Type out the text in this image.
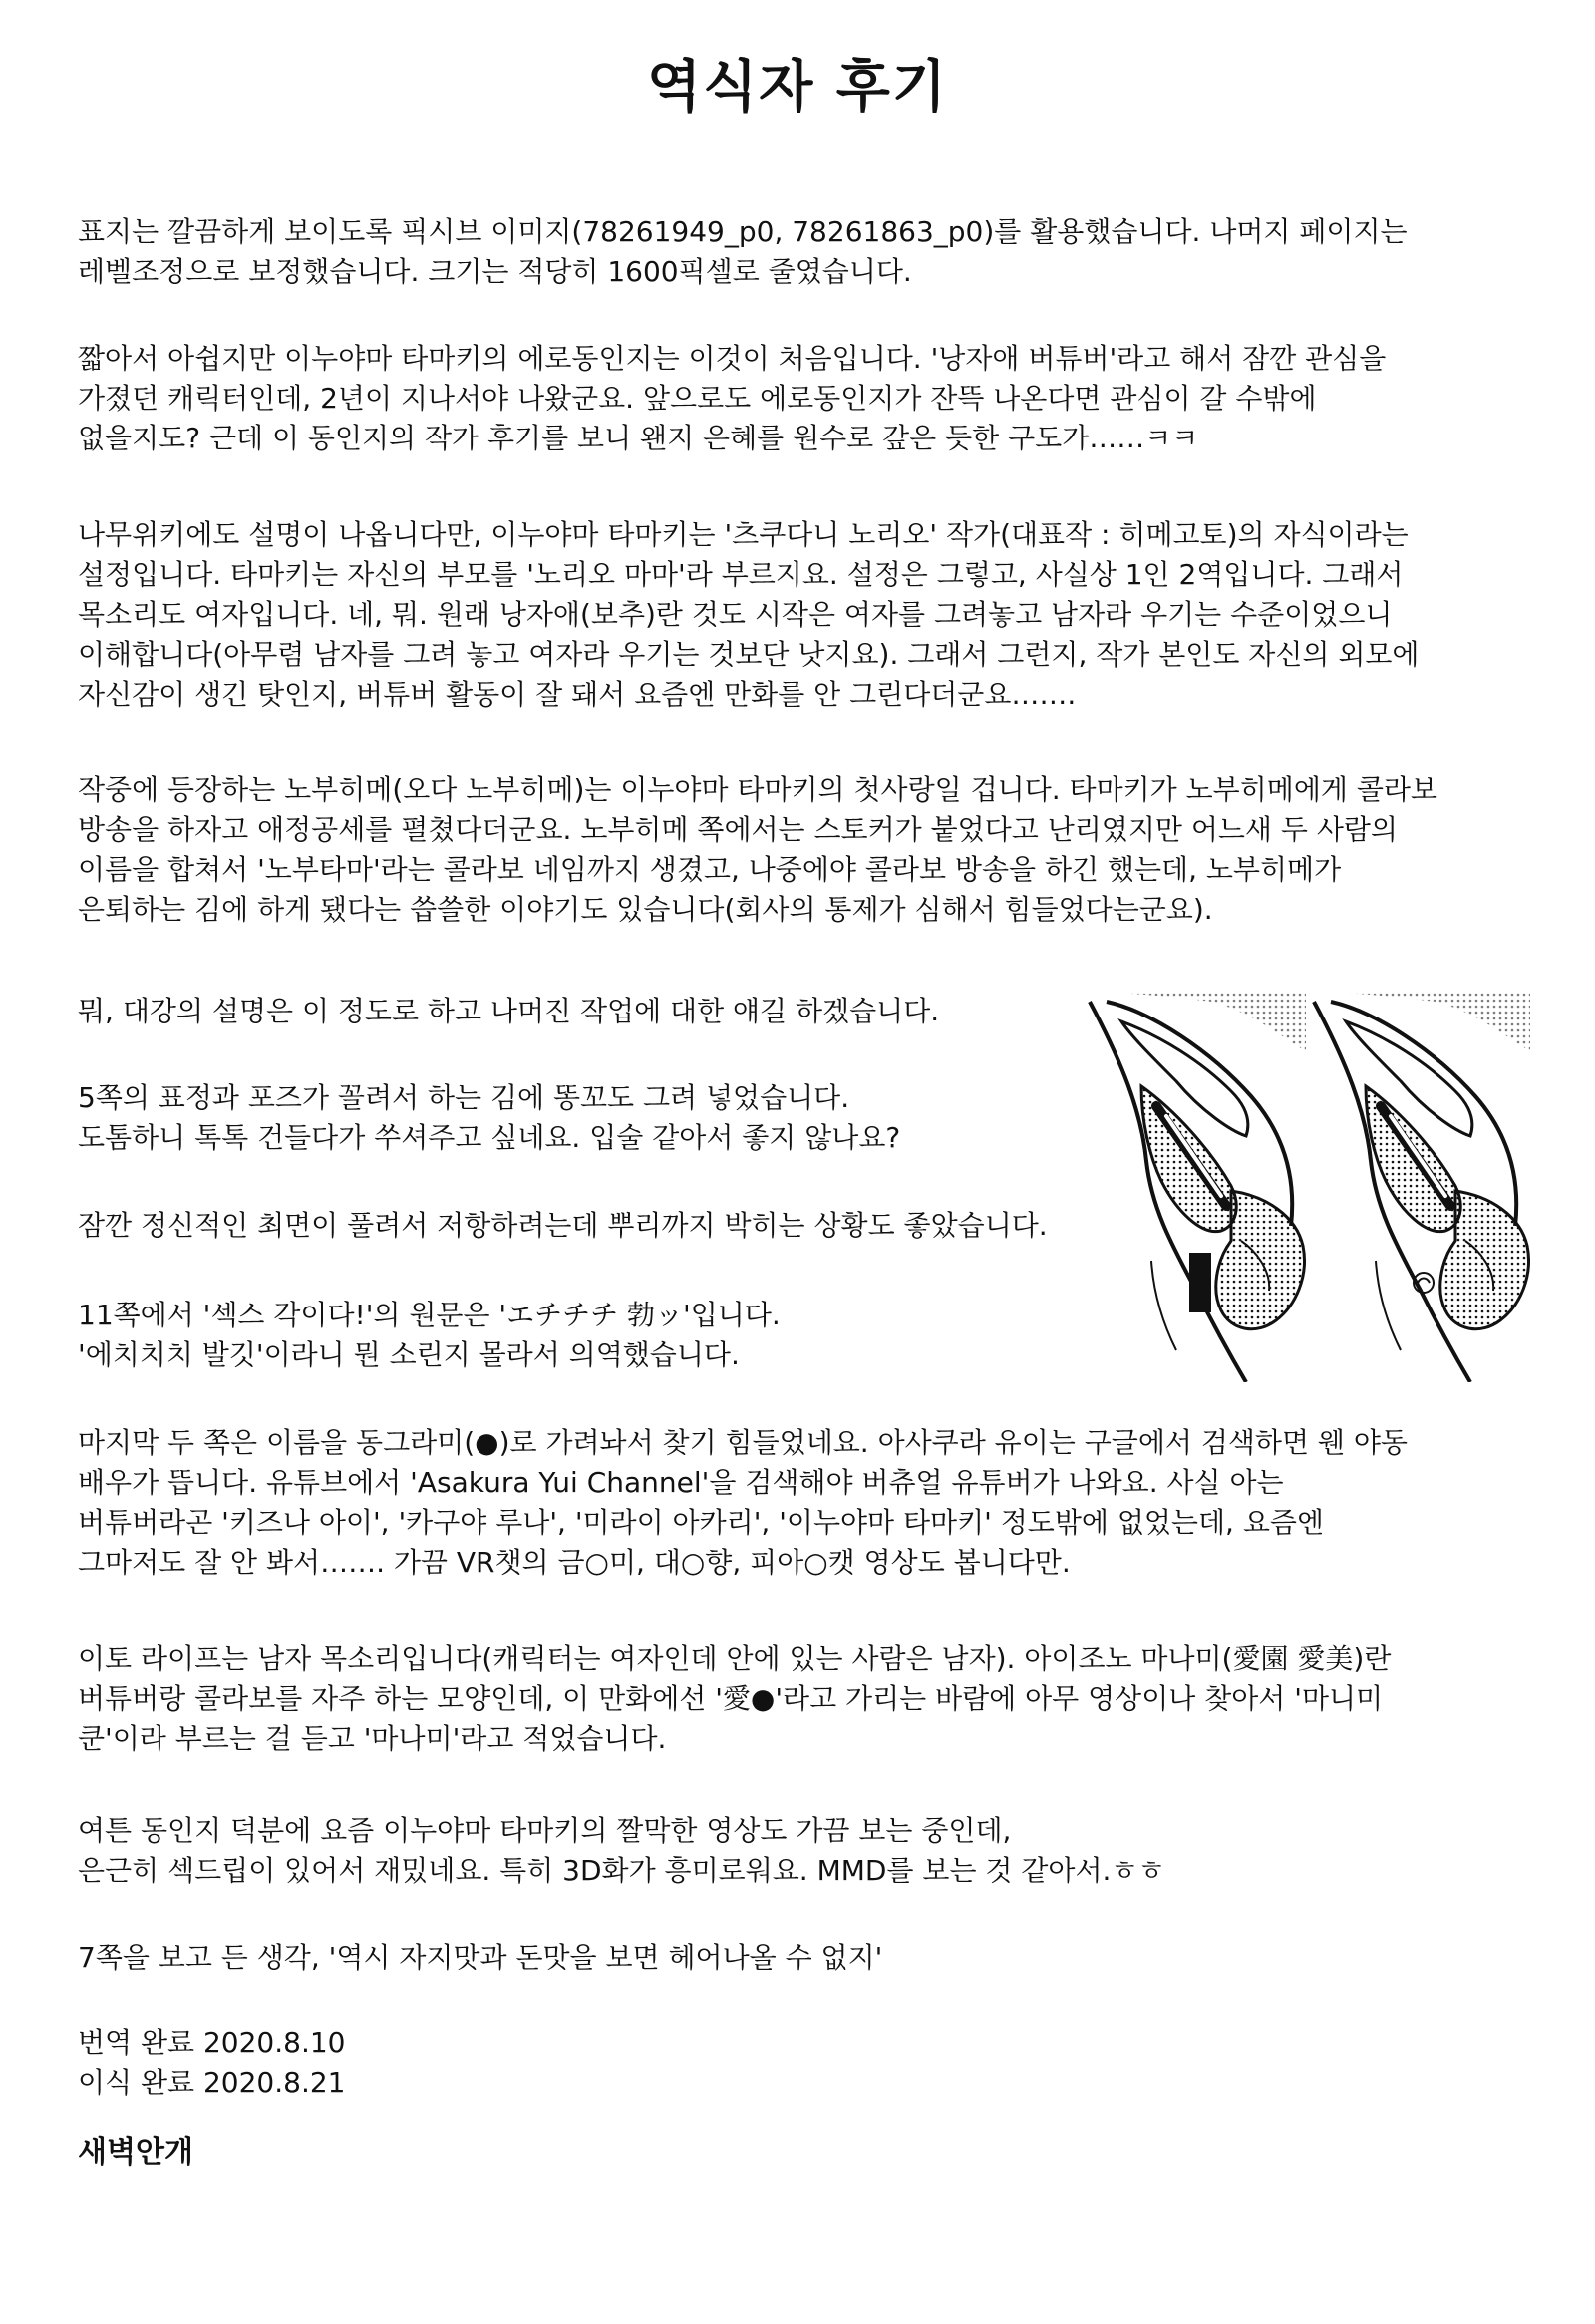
역식자 후기
표지는 깔끔하게 보이도록 픽시브 이미지(78261949_p0, 78261863_p0)를 활용했습니다. 나머지 페이지는
레벨조정으로 보정했습니다. 크기는 적당히 1600픽셀로 줄였습니다.
짧아서 아쉽지만 이누야마 타마키의 에로동인지는 이것이 처음입니다. '낭자애 버튜버'라고 해서 잠깐 관심을
가졌던 캐릭터인데, 2년이 지나서야 나왔군요. 앞으로도 에로동인지가 잔뜩 나온다면 관심이 갈 수밖에
없을지도? 근데 이 동인지의 작가 후기를 보니 왠지 은혜를 원수로 갚은 듯한 구도가……ㅋㅋ
나무위키에도 설명이 나옵니다만, 이누야마 타마키는 '츠쿠다니 노리오' 작가(대표작 : 히메고토)의 자식이라는
설정입니다. 타마키는 자신의 부모를 '노리오 마마'라 부르지요. 설정은 그렇고, 사실상 1인 2역입니다. 그래서
목소리도 여자입니다. 네, 뭐. 원래 낭자애(보추)란 것도 시작은 여자를 그려놓고 남자라 우기는 수준이었으니
이해합니다(아무렴 남자를 그려 놓고 여자라 우기는 것보단 낫지요). 그래서 그런지, 작가 본인도 자신의 외모에
자신감이 생긴 탓인지, 버튜버 활동이 잘 돼서 요즘엔 만화를 안 그린다더군요…….
작중에 등장하는 노부히메(오다 노부히메)는 이누야마 타마키의 첫사랑일 겁니다. 타마키가 노부히메에게 콜라보
방송을 하자고 애정공세를 펼쳤다더군요. 노부히메 쪽에서는 스토커가 붙었다고 난리였지만 어느새 두 사람의
이름을 합쳐서 '노부타마'라는 콜라보 네임까지 생겼고, 나중에야 콜라보 방송을 하긴 했는데, 노부히메가
은퇴하는 김에 하게 됐다는 씁쓸한 이야기도 있습니다(회사의 통제가 심해서 힘들었다는군요).
뭐, 대강의 설명은 이 정도로 하고 나머진 작업에 대한 얘길 하겠습니다.
5쪽의 표정과 포즈가 꼴려서 하는 김에 똥꼬도 그려 넣었습니다.
도톰하니 톡톡 건들다가 쑤셔주고 싶네요. 입술 같아서 좋지 않나요?
잠깐 정신적인 최면이 풀려서 저항하려는데 뿌리까지 박히는 상황도 좋았습니다.
11쪽에서 '섹스 각이다!'의 원문은 'エチチチ 勃ッ'입니다.
'에치치치 발깃'이라니 뭔 소린지 몰라서 의역했습니다.
마지막 두 쪽은 이름을 동그라미(●)로 가려놔서 찾기 힘들었네요. 아사쿠라 유이는 구글에서 검색하면 웬 야동
배우가 뜹니다. 유튜브에서 'Asakura Yui Channel'을 검색해야 버츄얼 유튜버가 나와요. 사실 아는
버튜버라곤 '키즈나 아이', '카구야 루나', '미라이 아카리', '이누야마 타마키' 정도밖에 없었는데, 요즘엔
그마저도 잘 안 봐서……. 가끔 VR챗의 금○미, 대○향, 피아○캣 영상도 봅니다만.
이토 라이프는 남자 목소리입니다(캐릭터는 여자인데 안에 있는 사람은 남자). 아이조노 마나미(愛園 愛美)란
버튜버랑 콜라보를 자주 하는 모양인데, 이 만화에선 '愛●'라고 가리는 바람에 아무 영상이나 찾아서 '마니미
쿤'이라 부르는 걸 듣고 '마나미'라고 적었습니다.
여튼 동인지 덕분에 요즘 이누야마 타마키의 짤막한 영상도 가끔 보는 중인데,
은근히 섹드립이 있어서 재밌네요. 특히 3D화가 흥미로워요. MMD를 보는 것 같아서.ㅎㅎ
7쪽을 보고 든 생각, '역시 자지맛과 돈맛을 보면 헤어나올 수 없지'
번역 완료 2020.8.10
이식 완료 2020.8.21
새벽안개
